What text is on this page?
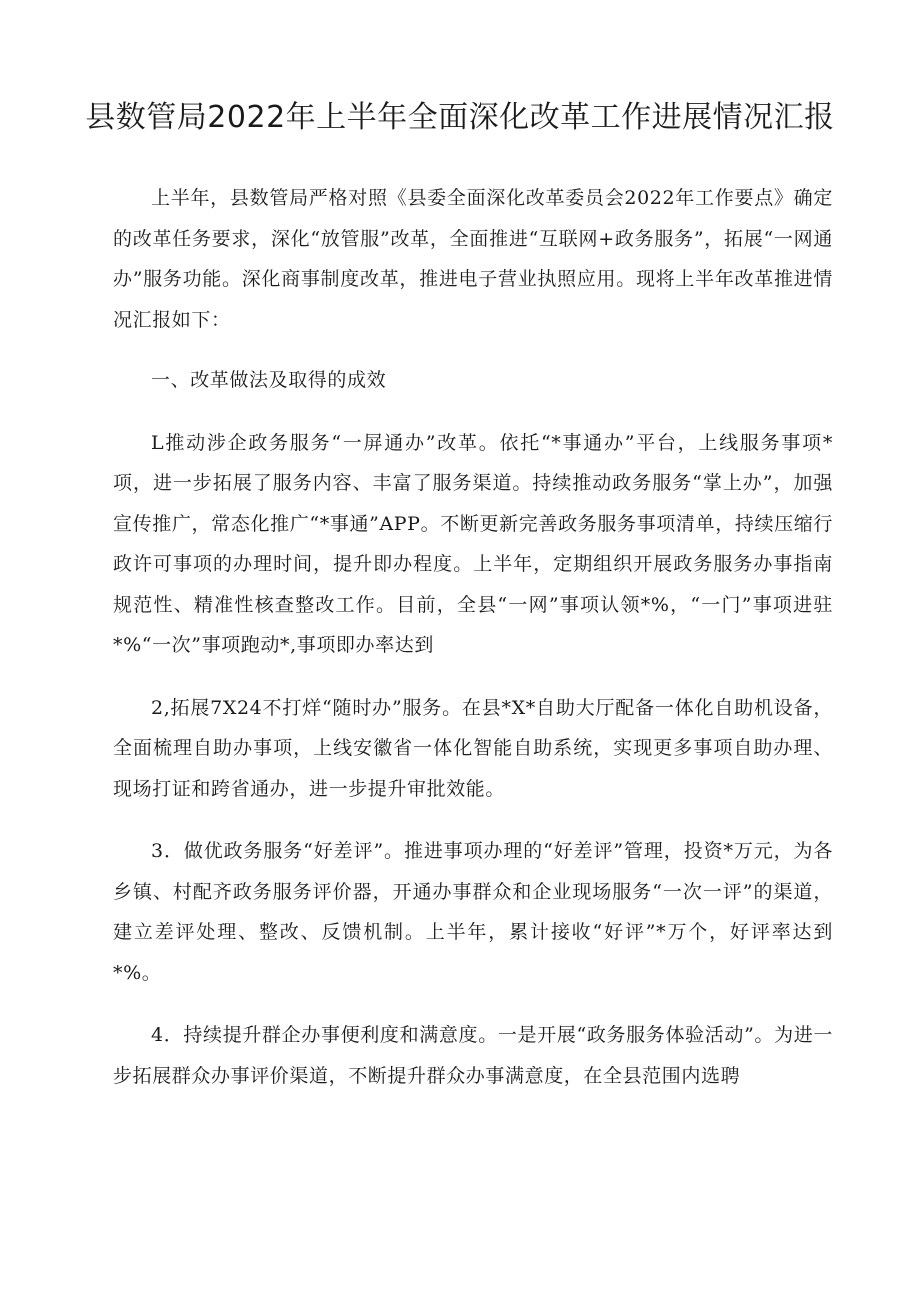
县数管局2022年上半年全面深化改革工作进展情况汇报

上半年，县数管局严格对照《县委全面深化改革委员会2022年工作要点》确定的改革任务要求，深化“放管服”改革，全面推进“互联网+政务服务”，拓展“一网通办”服务功能。深化商事制度改革，推进电子营业执照应用。现将上半年改革推进情况汇报如下：

一、改革做法及取得的成效

L推动涉企政务服务“一屏通办”改革。依托“*事通办”平台，上线服务事项*项，进一步拓展了服务内容、丰富了服务渠道。持续推动政务服务“掌上办”，加强宣传推广，常态化推广“*事通”APP。不断更新完善政务服务事项清单，持续压缩行政许可事项的办理时间，提升即办程度。上半年，定期组织开展政务服务办事指南规范性、精准性核查整改工作。目前，全县“一网”事项认领*%，“一门”事项进驻*%“一次”事项跑动*,事项即办率达到

2,拓展7X24不打烊“随时办”服务。在县*X*自助大厅配备一体化自助机设备，全面梳理自助办事项，上线安徽省一体化智能自助系统，实现更多事项自助办理、现场打证和跨省通办，进一步提升审批效能。

3．做优政务服务“好差评”。推进事项办理的“好差评”管理，投资*万元，为各乡镇、村配齐政务服务评价器，开通办事群众和企业现场服务“一次一评”的渠道，建立差评处理、整改、反馈机制。上半年，累计接收“好评”*万个，好评率达到*%。

4．持续提升群企办事便利度和满意度。一是开展“政务服务体验活动”。为进一步拓展群众办事评价渠道，不断提升群众办事满意度，在全县范围内选聘
